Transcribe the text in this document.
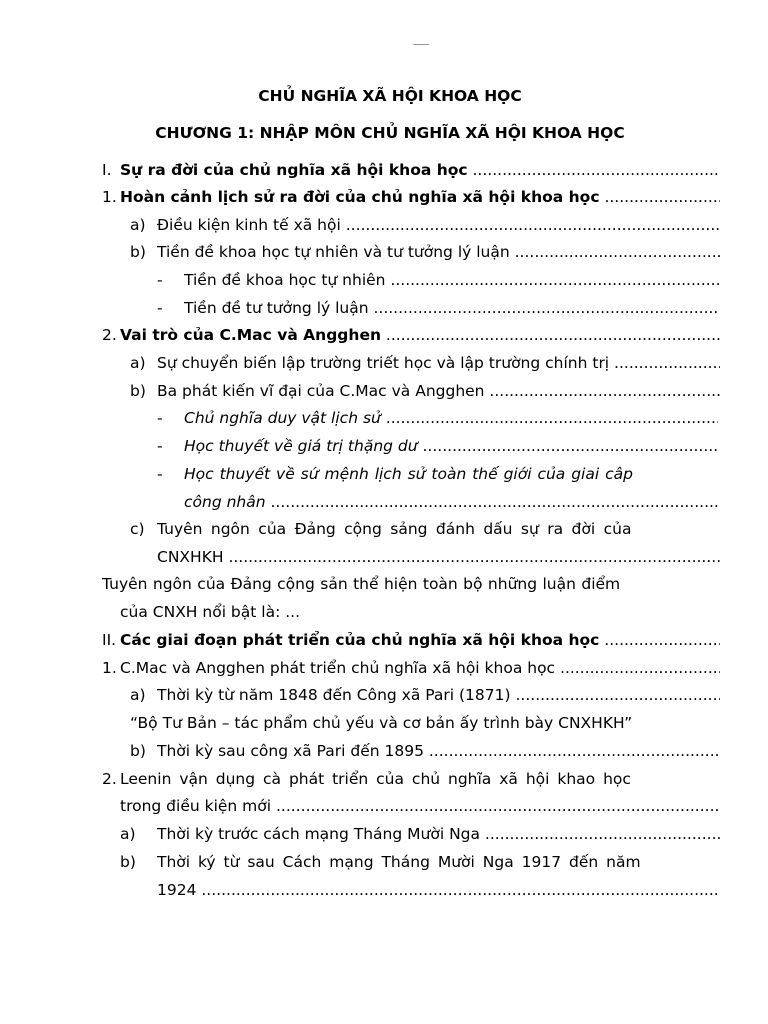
CHỦ NGHĨA XÃ HỘI KHOA HỌC
CHƯƠNG 1: NHẬP MÔN CHỦ NGHĨA XÃ HỘI KHOA HỌC
I. Sự ra đời của chủ nghĩa xã hội khoa học .....
1. Hoàn cảnh lịch sử ra đời của chủ nghĩa xã hội khoa học .....
a) Điều kiện kinh tế xã hội .....
b) Tiền đề khoa học tự nhiên và tư tưởng lý luận .....
- Tiền đề khoa học tự nhiên .....
- Tiền đề tư tưởng lý luận .....
2. Vai trò của C.Mac và Angghen .....
a) Sự chuyển biến lập trường triết học và lập trường chính trị .....
b) Ba phát kiến vĩ đại của C.Mac và Angghen .....
- Chủ nghĩa duy vật lịch sử .....
- Học thuyết về giá trị thặng dư .....
- Học thuyết về sứ mệnh lịch sử toàn thế giới của giai câp
công nhân .....
c) Tuyên ngôn của Đảng cộng sảng đánh dấu sự ra đời của
CNXHKH .....
Tuyên ngôn của Đảng cộng sản thể hiện toàn bộ những luận điểm
của CNXH nổi bật là: ...
II. Các giai đoạn phát triển của chủ nghĩa xã hội khoa học .....
1. C.Mac và Angghen phát triển chủ nghĩa xã hội khoa học .....
a) Thời kỳ từ năm 1848 đến Công xã Pari (1871) .....
“Bộ Tư Bản – tác phẩm chủ yếu và cơ bản ấy trình bày CNXHKH”
b) Thời kỳ sau công xã Pari đến 1895 .....
2. Leenin vận dụng cà phát triển của chủ nghĩa xã hội khao học
trong điều kiện mới .....
a) Thời kỳ trước cách mạng Tháng Mười Nga .....
b) Thời ký từ sau Cách mạng Tháng Mười Nga 1917 đến năm
1924 .....
